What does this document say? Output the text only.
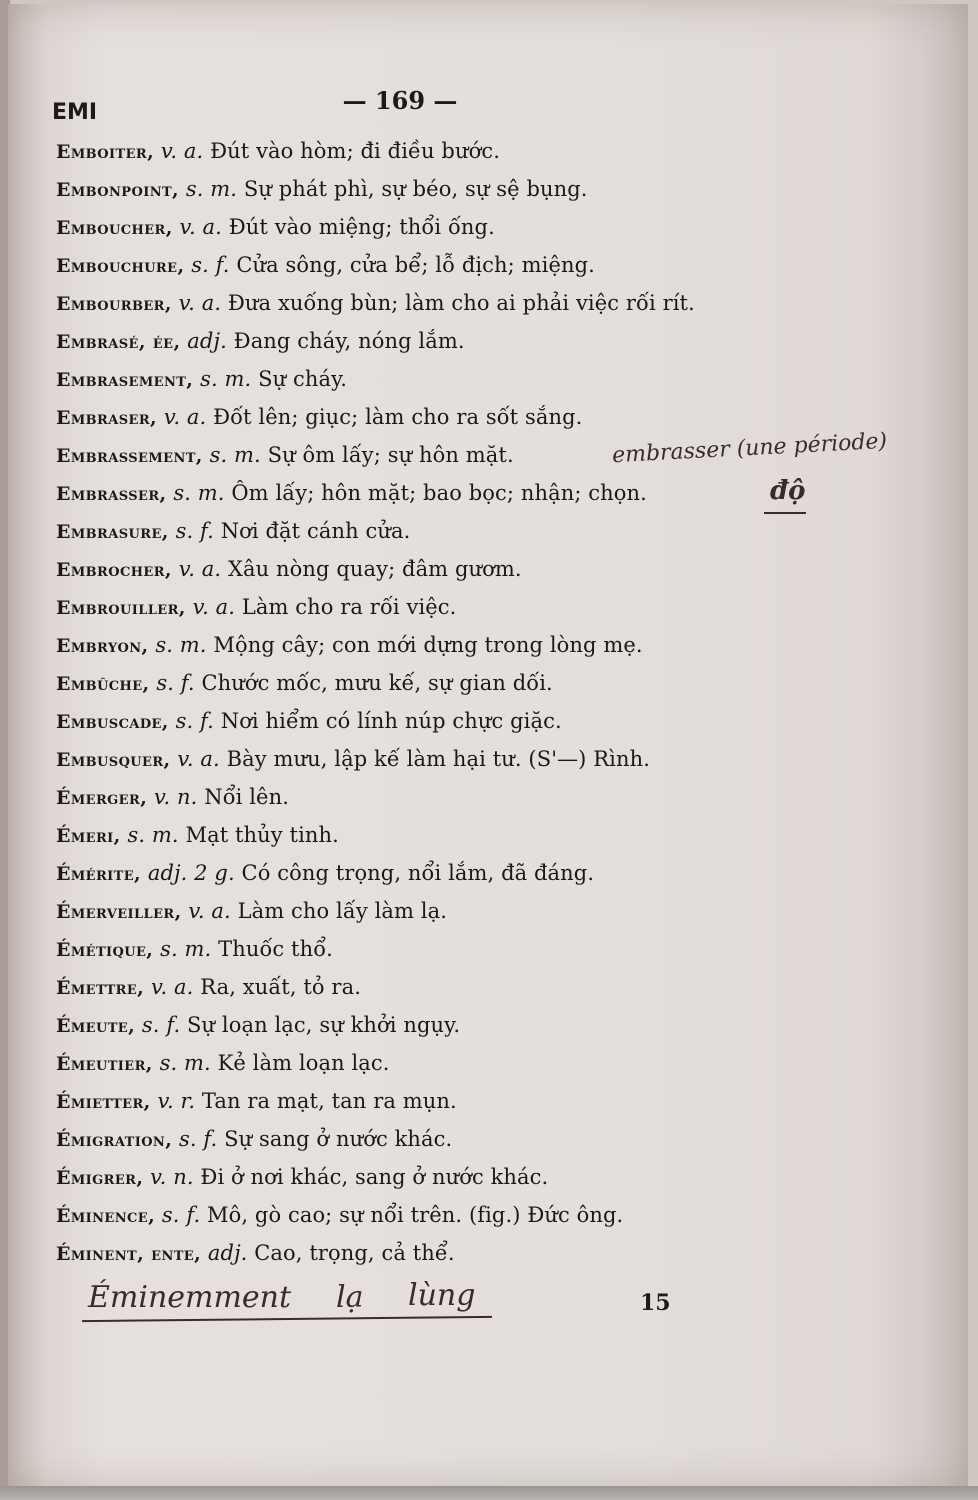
EMI	— 169 —
Emboiter, v. a. Đút vào hòm; đi điều bước.
Embonpoint, s. m. Sự phát phì, sự béo, sự sệ bụng.
Emboucher, v. a. Đút vào miệng; thổi ống.
Embouchure, s. f. Cửa sông, cửa bể; lỗ địch; miệng.
Embourber, v. a. Đưa xuống bùn; làm cho ai phải việc rối rít.
Embrasé, ée, adj. Đang cháy, nóng lắm.
Embrasement, s. m. Sự cháy.
Embraser, v. a. Đốt lên; giục; làm cho ra sốt sắng.
Embrassement, s. m. Sự ôm lấy; sự hôn mặt.
Embrasser, s. m. Ôm lấy; hôn mặt; bao bọc; nhận; chọn.
Embrasure, s. f. Nơi đặt cánh cửa.
Embrocher, v. a. Xâu nòng quay; đâm gươm.
Embrouiller, v. a. Làm cho ra rối việc.
Embryon, s. m. Mộng cây; con mới dựng trong lòng mẹ.
Embûche, s. f. Chước mốc, mưu kế, sự gian dối.
Embuscade, s. f. Nơi hiểm có lính núp chực giặc.
Embusquer, v. a. Bày mưu, lập kế làm hại tư. (S'—) Rình.
Émerger, v. n. Nổi lên.
Émeri, s. m. Mạt thủy tinh.
Émérite, adj. 2 g. Có công trọng, nổi lắm, đã đáng.
Émerveiller, v. a. Làm cho lấy làm lạ.
Émétique, s. m. Thuốc thổ.
Émettre, v. a. Ra, xuất, tỏ ra.
Émeute, s. f. Sự loạn lạc, sự khởi ngụy.
Émeutier, s. m. Kẻ làm loạn lạc.
Émietter, v. r. Tan ra mạt, tan ra mụn.
Émigration, s. f. Sự sang ở nước khác.
Émigrer, v. n. Đi ở nơi khác, sang ở nước khác.
Éminence, s. f. Mô, gò cao; sự nổi trên. (fig.) Đức ông.
Éminent, ente, adj. Cao, trọng, cả thể.
embrasser (une période)
độ
Éminemment lạ lùng	15
